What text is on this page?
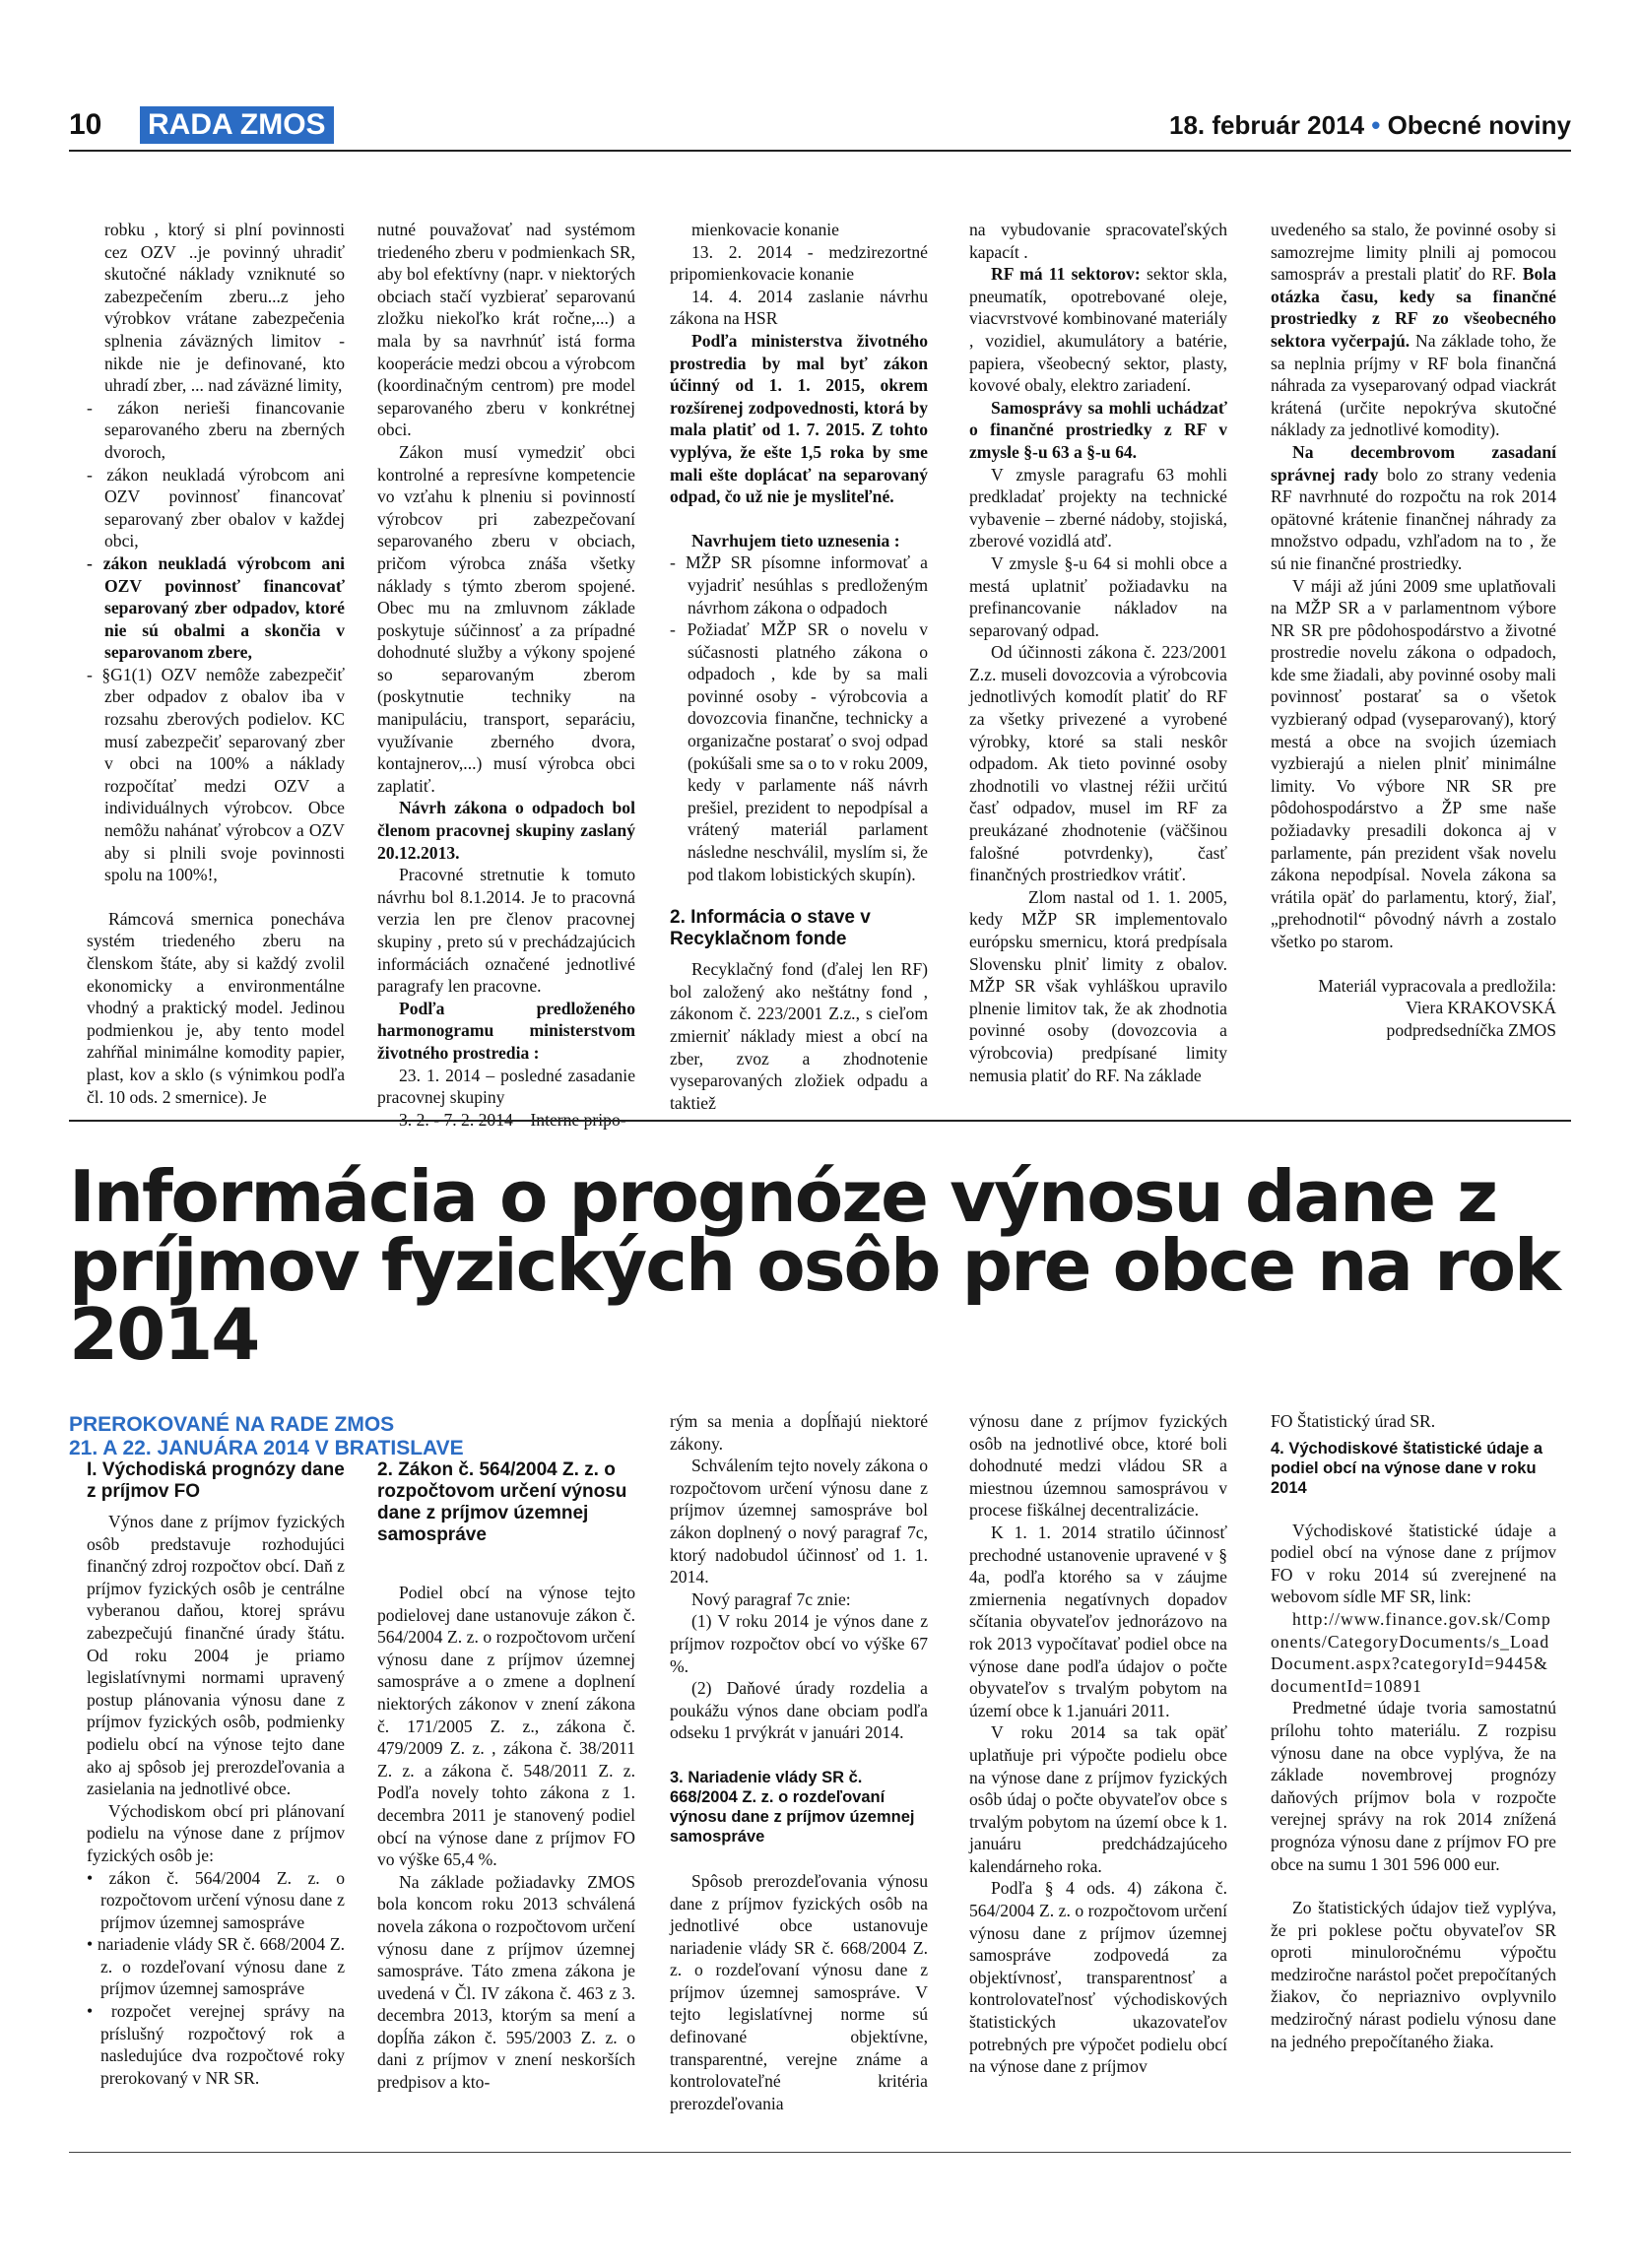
10 RADA ZMOS	18. február 2014 • Obecné noviny

robku , ktorý si plní povinnosti cez OZV ..je povinný uhradiť skutočné náklady vzniknuté so zabezpečením zberu...z jeho výrobkov vrátane zabezpečenia splnenia záväzných limitov - nikde nie je definované, kto uhradí zber, ... nad záväzné limity,

- zákon nerieši financovanie separovaného zberu na zberných dvoroch,

- zákon neukladá výrobcom ani OZV povinnosť financovať separovaný zber obalov v každej obci,

- zákon neukladá výrobcom ani OZV povinnosť financovať separovaný zber odpadov, ktoré nie sú obalmi a skončia v separovanom zbere,

- §G1(1) OZV nemôže zabezpečiť zber odpadov z obalov iba v rozsahu zberových podielov. KC musí zabezpečiť separovaný zber v obci na 100% a náklady rozpočítať medzi OZV a individuálnych výrobcov. Obce nemôžu nahánať výrobcov a OZV aby si plnili svoje povinnosti spolu na 100%!,

Rámcová smernica ponecháva systém triedeného zberu na členskom štáte, aby si každý zvolil ekonomicky a environmentálne vhodný a praktický model. Jedinou podmienkou je, aby tento model zahŕňal minimálne komodity papier, plast, kov a sklo (s výnimkou podľa čl. 10 ods. 2 smernice). Je

nutné pouvažovať nad systémom triedeného zberu v podmienkach SR, aby bol efektívny (napr. v niektorých obciach stačí vyzbierať separovanú zložku niekoľko krát ročne,...) a mala by sa navrhnúť istá forma kooperácie medzi obcou a výrobcom (koordinačným centrom) pre model separovaného zberu v konkrétnej obci.

Zákon musí vymedziť obci kontrolné a represívne kompetencie vo vzťahu k plneniu si povinností výrobcov pri zabezpečovaní separovaného zberu v obciach, pričom výrobca znáša všetky náklady s týmto zberom spojené. Obec mu na zmluvnom základe poskytuje súčinnosť a za prípadné dohodnuté služby a výkony spojené so separovaným zberom (poskytnutie techniky na manipuláciu, transport, separáciu, využívanie zberného dvora, kontajnerov,...) musí výrobca obci zaplatiť.

Návrh zákona o odpadoch bol členom pracovnej skupiny zaslaný 20.12.2013.

Pracovné stretnutie k tomuto návrhu bol 8.1.2014. Je to pracovná verzia len pre členov pracovnej skupiny , preto sú v prechádzajúcich informáciách označené jednotlivé paragrafy len pracovne.

Podľa predloženého harmonogramu ministerstvom životného prostredia :

23. 1. 2014 – posledné zasadanie pracovnej skupiny

3. 2. - 7. 2. 2014 – Interne pripo-

mienkovacie konanie

13. 2. 2014 - medzirezortné pripomienkovacie konanie

14. 4. 2014 zaslanie návrhu zákona na HSR

Podľa ministerstva životného prostredia by mal byť zákon účinný od 1. 1. 2015, okrem rozšírenej zodpovednosti, ktorá by mala platiť od 1. 7. 2015. Z tohto vyplýva, že ešte 1,5 roka by sme mali ešte doplácať na separovaný odpad, čo už nie je mysliteľné.

Navrhujem tieto uznesenia :

- MŽP SR písomne informovať a vyjadriť nesúhlas s predloženým návrhom zákona o odpadoch

- Požiadať MŽP SR o novelu v súčasnosti platného zákona o odpadoch , kde by sa mali povinné osoby - výrobcovia a dovozcovia finančne, technicky a organizačne postarať o svoj odpad (pokúšali sme sa o to v roku 2009, kedy v parlamente náš návrh prešiel, prezident to nepodpísal a vrátený materiál parlament následne neschválil, myslím si, že pod tlakom lobistických skupín).

2. Informácia o stave v Recyklačnom fonde

Recyklačný fond (ďalej len RF) bol založený ako neštátny fond , zákonom č. 223/2001 Z.z., s cieľom zmierniť náklady miest a obcí na zber, zvoz a zhodnotenie vyseparovaných zložiek odpadu a taktiež

na vybudovanie spracovateľských kapacít .

RF má 11 sektorov: sektor skla, pneumatík, opotrebované oleje, viacvrstvové kombinované materiály , vozidiel, akumulátory a batérie, papiera, všeobecný sektor, plasty, kovové obaly, elektro zariadení.

Samosprávy sa mohli uchádzať o finančné prostriedky z RF v zmysle §-u 63 a §-u 64.

V zmysle paragrafu 63 mohli predkladať projekty na technické vybavenie – zberné nádoby, stojiská, zberové vozidlá atď.

V zmysle §-u 64 si mohli obce a mestá uplatniť požiadavku na prefinancovanie nákladov na separovaný odpad.

Od účinnosti zákona č. 223/2001 Z.z. museli dovozcovia a výrobcovia jednotlivých komodít platiť do RF za všetky privezené a vyrobené výrobky, ktoré sa stali neskôr odpadom. Ak tieto povinné osoby zhodnotili vo vlastnej réžii určitú časť odpadov, musel im RF za preukázané zhodnotenie (väčšinou falošné potvrdenky), časť finančných prostriedkov vrátiť.

Zlom nastal od 1. 1. 2005, kedy MŽP SR implementovalo európsku smernicu, ktorá predpísala Slovensku plniť limity z obalov. MŽP SR však vyhláškou upravilo plnenie limitov tak, že ak zhodnotia povinné osoby (dovozcovia a výrobcovia) predpísané limity nemusia platiť do RF. Na základe

uvedeného sa stalo, že povinné osoby si samozrejme limity plnili aj pomocou samospráv a prestali platiť do RF. Bola otázka času, kedy sa finančné prostriedky z RF zo všeobecného sektora vyčerpajú. Na základe toho, že sa neplnia príjmy v RF bola finančná náhrada za vyseparovaný odpad viackrát krátená (určite nepokrýva skutočné náklady za jednotlivé komodity).

Na decembrovom zasadaní správnej rady bolo zo strany vedenia RF navrhnuté do rozpočtu na rok 2014 opätovné krátenie finančnej náhrady za množstvo odpadu, vzhľadom na to , že sú nie finančné prostriedky.

V máji až júni 2009 sme uplatňovali na MŽP SR a v parlamentnom výbore NR SR pre pôdohospodárstvo a životné prostredie novelu zákona o odpadoch, kde sme žiadali, aby povinné osoby mali povinnosť postarať sa o všetok vyzbieraný odpad (vyseparovaný), ktorý mestá a obce na svojich územiach vyzbierajú a nielen plniť minimálne limity. Vo výbore NR SR pre pôdohospodárstvo a ŽP sme naše požiadavky presadili dokonca aj v parlamente, pán prezident však novelu zákona nepodpísal. Novela zákona sa vrátila opäť do parlamentu, ktorý, žiaľ, „prehodnotil“ pôvodný návrh a zostalo všetko po starom.

Materiál vypracovala a predložila:

Viera KRAKOVSKÁ

podpredsedníčka ZMOS

Informácia o prognóze výnosu dane z príjmov fyzických osôb pre obce na rok 2014
PREROKOVANÉ NA RADE ZMOS
21. A 22. JANUÁRA 2014 V BRATISLAVE
I. Východiská prognózy dane z príjmov FO

Výnos dane z príjmov fyzických osôb predstavuje rozhodujúci finančný zdroj rozpočtov obcí. Daň z príjmov fyzických osôb je centrálne vyberanou daňou, ktorej správu zabezpečujú finančné úrady štátu. Od roku 2004 je priamo legislatívnymi normami upravený postup plánovania výnosu dane z príjmov fyzických osôb, podmienky podielu obcí na výnose tejto dane ako aj spôsob jej prerozdeľovania a zasielania na jednotlivé obce.

Východiskom obcí pri plánovaní podielu na výnose dane z príjmov fyzických osôb je:

• zákon č. 564/2004 Z. z. o rozpočtovom určení výnosu dane z príjmov územnej samospráve

• nariadenie vlády SR č. 668/2004 Z. z. o rozdeľovaní výnosu dane z príjmov územnej samospráve

• rozpočet verejnej správy na príslušný rozpočtový rok a nasledujúce dva rozpočtové roky prerokovaný v NR SR.

2. Zákon č. 564/2004 Z. z. o rozpočtovom určení výnosu dane z príjmov územnej samospráve

Podiel obcí na výnose tejto podielovej dane ustanovuje zákon č. 564/2004 Z. z. o rozpočtovom určení výnosu dane z príjmov územnej samospráve a o zmene a doplnení niektorých zákonov v znení zákona č. 171/2005 Z. z., zákona č. 479/2009 Z. z. , zákona č. 38/2011 Z. z. a zákona č. 548/2011 Z. z. Podľa novely tohto zákona z 1. decembra 2011 je stanovený podiel obcí na výnose dane z príjmov FO vo výške 65,4 %.

Na základe požiadavky ZMOS bola koncom roku 2013 schválená novela zákona o rozpočtovom určení výnosu dane z príjmov územnej samospráve. Táto zmena zákona je uvedená v Čl. IV zákona č. 463 z 3. decembra 2013, ktorým sa mení a dopĺňa zákon č. 595/2003 Z. z. o dani z príjmov v znení neskorších predpisov a kto-

rým sa menia a dopĺňajú niektoré zákony.

Schválením tejto novely zákona o rozpočtovom určení výnosu dane z príjmov územnej samospráve bol zákon doplnený o nový paragraf 7c, ktorý nadobudol účinnosť od 1. 1. 2014.

Nový paragraf 7c znie:

(1) V roku 2014 je výnos dane z príjmov rozpočtov obcí vo výške 67 %.

(2) Daňové úrady rozdelia a poukážu výnos dane obciam podľa odseku 1 prvýkrát v januári 2014.

3. Nariadenie vlády SR č. 668/2004 Z. z. o rozdeľovaní výnosu dane z príjmov územnej samospráve

Spôsob prerozdeľovania výnosu dane z príjmov fyzických osôb na jednotlivé obce ustanovuje nariadenie vlády SR č. 668/2004 Z. z. o rozdeľovaní výnosu dane z príjmov územnej samospráve. V tejto legislatívnej norme sú definované objektívne, transparentné, verejne známe a kontrolovateľné kritéria prerozdeľovania

výnosu dane z príjmov fyzických osôb na jednotlivé obce, ktoré boli dohodnuté medzi vládou SR a miestnou územnou samosprávou v procese fiškálnej decentralizácie.

K 1. 1. 2014 stratilo účinnosť prechodné ustanovenie upravené v § 4a, podľa ktorého sa v záujme zmiernenia negatívnych dopadov sčítania obyvateľov jednorázovo na rok 2013 vypočítavať podiel obce na výnose dane podľa údajov o počte obyvateľov s trvalým pobytom na území obce k 1.januári 2011.

V roku 2014 sa tak opäť uplatňuje pri výpočte podielu obce na výnose dane z príjmov fyzických osôb údaj o počte obyvateľov obce s trvalým pobytom na území obce k 1. januáru predchádzajúceho kalendárneho roka.

Podľa § 4 ods. 4) zákona č. 564/2004 Z. z. o rozpočtovom určení výnosu dane z príjmov územnej samospráve zodpovedá za objektívnosť, transparentnosť a kontrolovateľnosť východiskových štatistických ukazovateľov potrebných pre výpočet podielu obcí na výnose dane z príjmov

FO Štatistický úrad SR.

4. Východiskové štatistické údaje a podiel obcí na výnose dane v roku 2014

Východiskové štatistické údaje a podiel obcí na výnose dane z príjmov FO v roku 2014 sú zverejnené na webovom sídle MF SR, link:

http://www.finance.gov.sk/Components/CategoryDocuments/s_LoadDocument.aspx?categoryId=9445&documentId=10891

Predmetné údaje tvoria samostatnú prílohu tohto materiálu. Z rozpisu výnosu dane na obce vyplýva, že na základe novembrovej prognózy daňových príjmov bola v rozpočte verejnej správy na rok 2014 znížená prognóza výnosu dane z príjmov FO pre obce na sumu 1 301 596 000 eur.

Zo štatistických údajov tiež vyplýva, že pri poklese počtu obyvateľov SR oproti minuloročnému výpočtu medziročne narástol počet prepočítaných žiakov, čo nepriaznivo ovplyvnilo medziročný nárast podielu výnosu dane na jedného prepočítaného žiaka.
